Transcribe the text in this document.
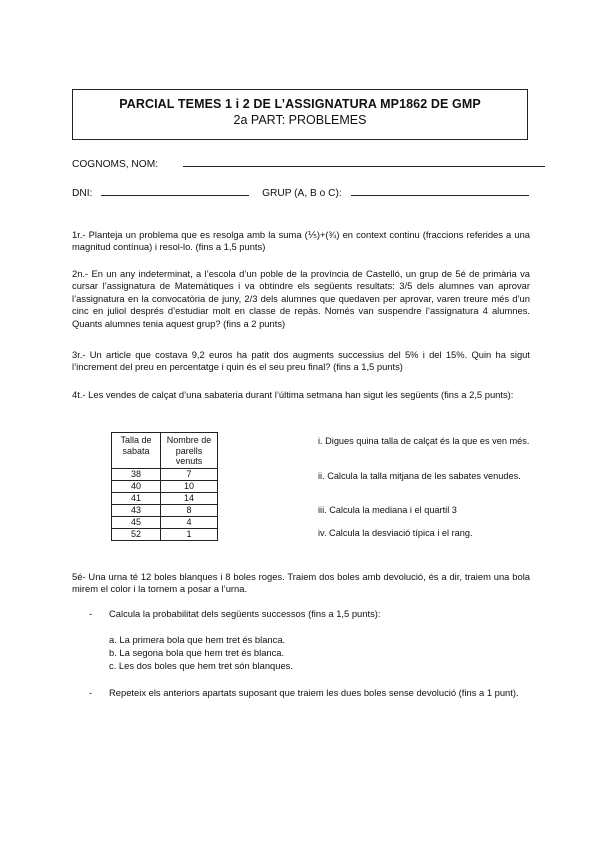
PARCIAL TEMES 1 i 2 DE L’ASSIGNATURA MP1862 DE GMP
2a PART: PROBLEMES
COGNOMS, NOM:
DNI:	GRUP (A, B o C):
1r.- Planteja un problema que es resolga amb la suma (⅕)+(¾) en context continu (fraccions referides a una magnitud contínua) i resol-lo. (fins a 1,5 punts)
2n.- En un any indeterminat, a l’escola d’un poble de la província de Castelló, un grup de 5é de primària va cursar l’assignatura de Matemàtiques i va obtindre els següents resultats: 3/5 dels alumnes van aprovar l’assignatura en la convocatòria de juny, 2/3 dels alumnes que quedaven per aprovar, varen treure més d’un cinc en juliol després d’estudiar molt en classe de repàs. Només van suspendre l’assignatura 4 alumnes. Quants alumnes tenia aquest grup? (fins a 2 punts)
3r.- Un article que costava 9,2 euros ha patit dos augments successius del 5% i del 15%. Quin ha sigut l’increment del preu en percentatge i quin és el seu preu final? (fins a 1,5 punts)
4t.- Les vendes de calçat d’una sabateria durant l’última setmana han sigut les següents (fins a 2,5 punts):
Talla de sabata	Nombre de parells venuts
38	7
40	10
41	14
43	8
45	4
52	1
i. Digues quina talla de calçat és la que es ven més.
ii. Calcula la talla mitjana de les sabates venudes.
iii. Calcula la mediana i el quartil 3
iv. Calcula la desviació típica i el rang.
5é- Una urna té 12 boles blanques i 8 boles roges. Traiem dos boles amb devolució, és a dir, traiem una bola mirem el color i la tornem a posar a l’urna.
- Calcula la probabilitat dels següents successos (fins a 1,5 punts):
a. La primera bola que hem tret és blanca.
b. La segona bola que hem tret és blanca.
c. Les dos boles que hem tret són blanques.
- Repeteix els anteriors apartats suposant que traiem les dues boles sense devolució (fins a 1 punt).
